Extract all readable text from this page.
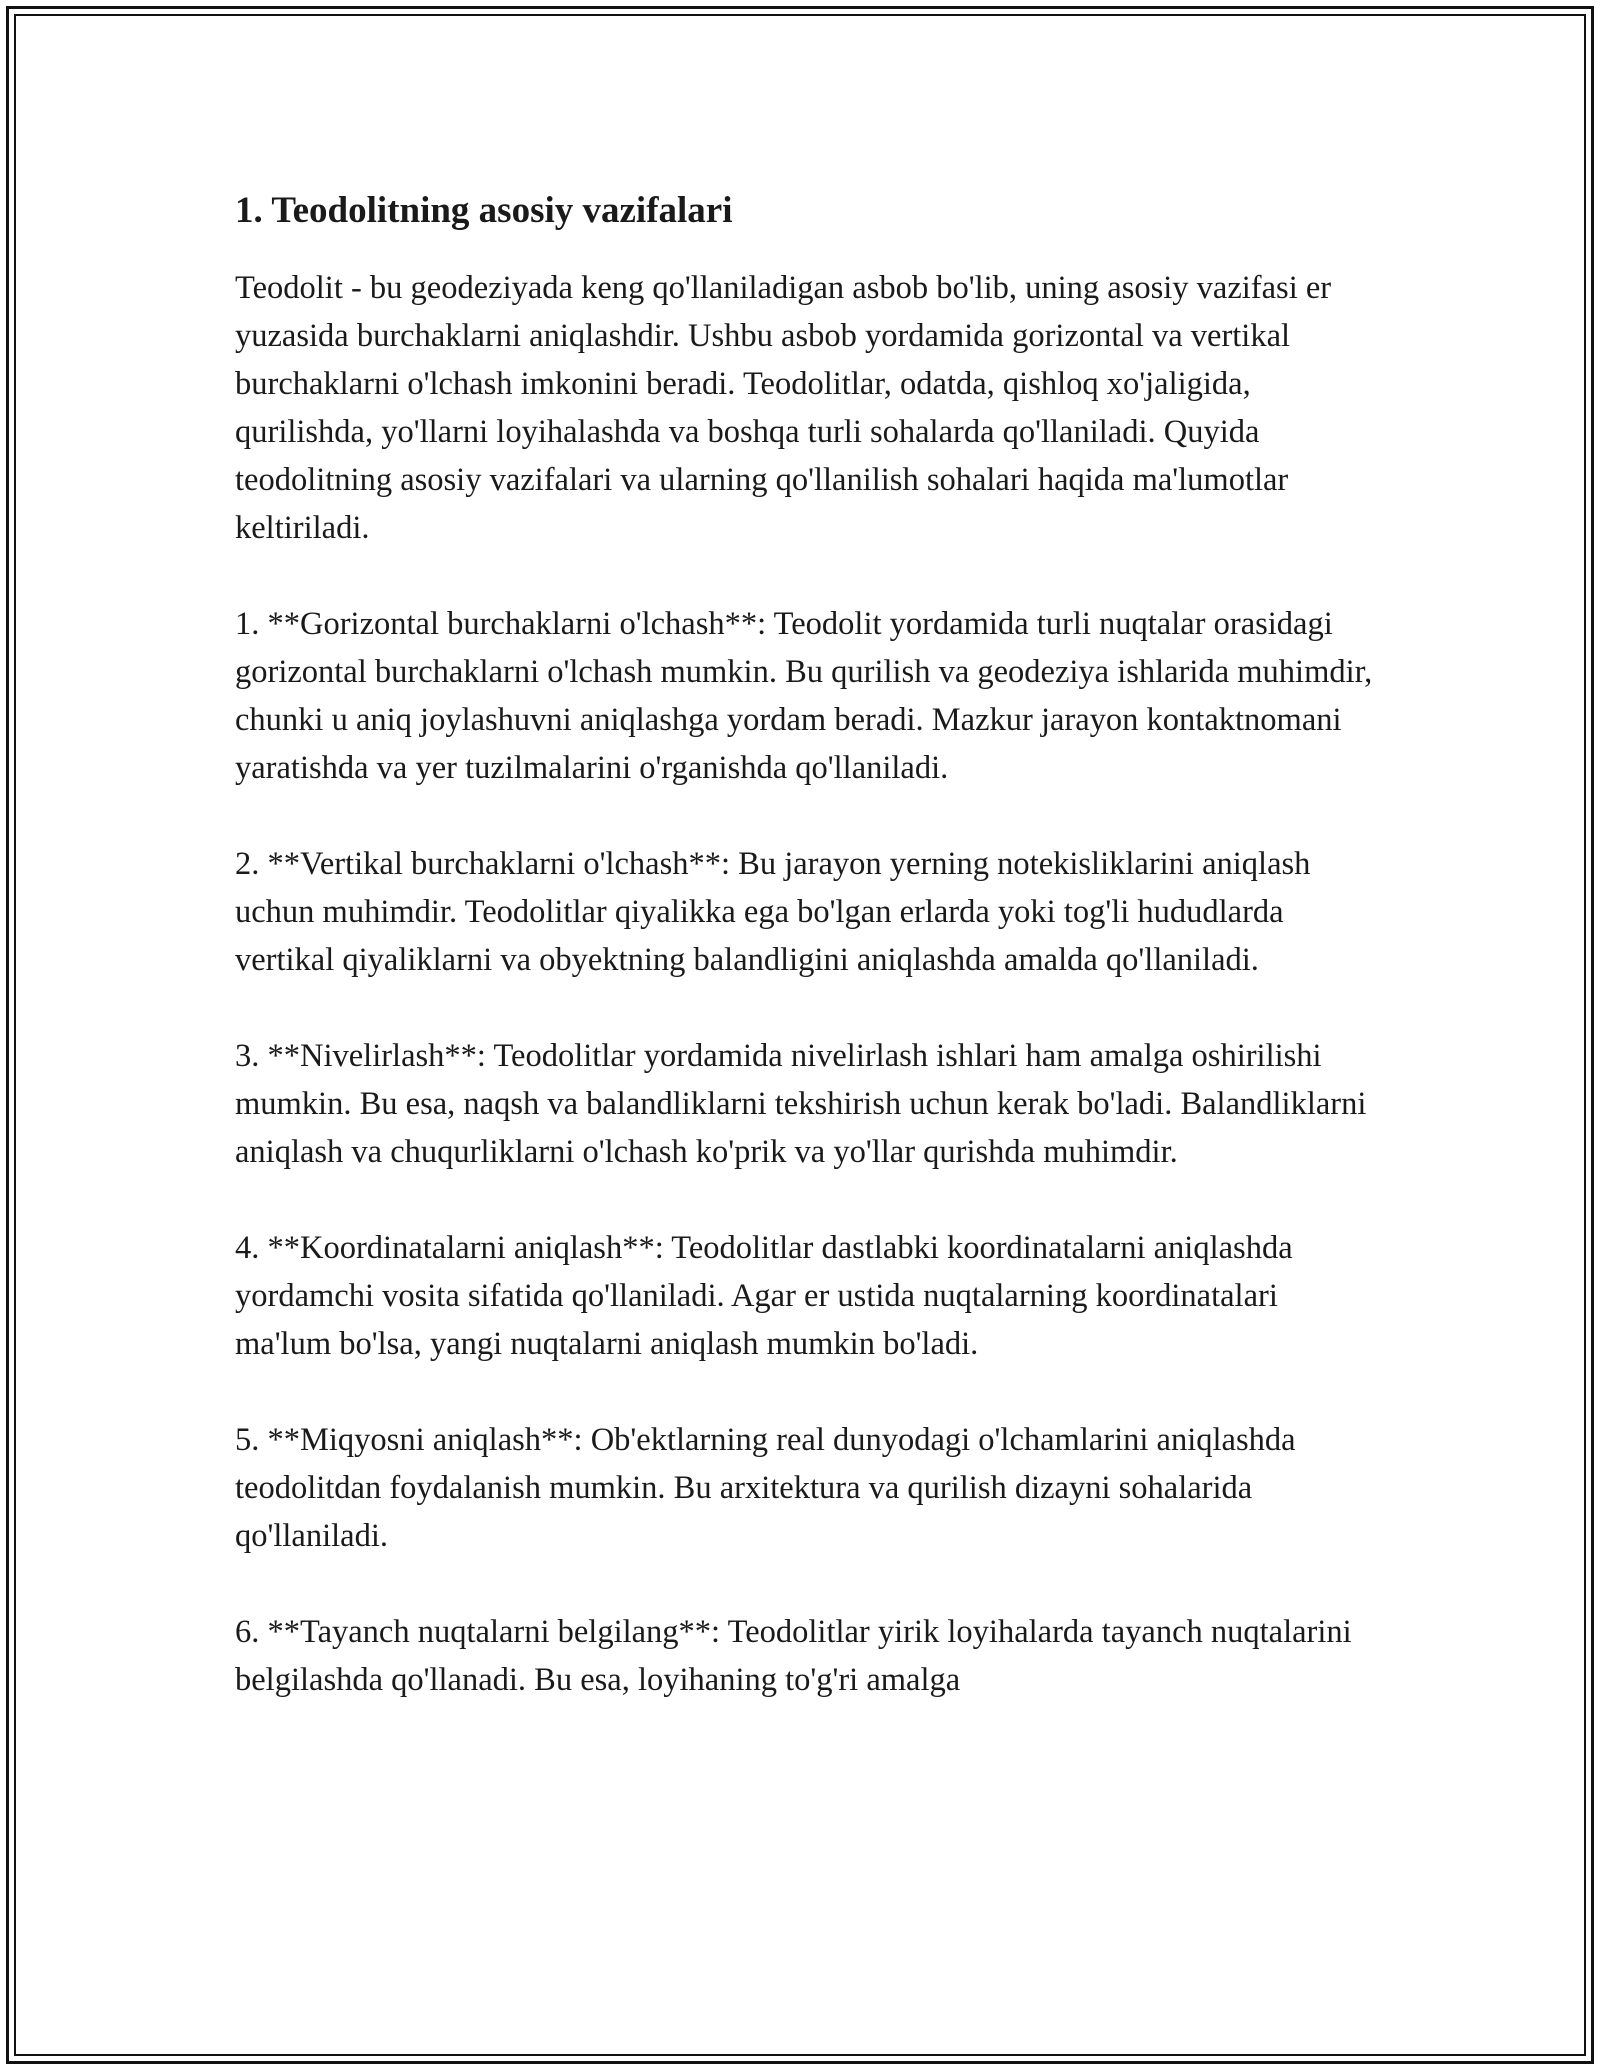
1. Teodolitning asosiy vazifalari

Teodolit - bu geodeziyada keng qo'llaniladigan asbob bo'lib, uning asosiy vazifasi er yuzasida burchaklarni aniqlashdir. Ushbu asbob yordamida gorizontal va vertikal burchaklarni o'lchash imkonini beradi. Teodolitlar, odatda, qishloq xo'jaligida, qurilishda, yo'llarni loyihalashda va boshqa turli sohalarda qo'llaniladi. Quyida teodolitning asosiy vazifalari va ularning qo'llanilish sohalari haqida ma'lumotlar keltiriladi.

1. **Gorizontal burchaklarni o'lchash**: Teodolit yordamida turli nuqtalar orasidagi gorizontal burchaklarni o'lchash mumkin. Bu qurilish va geodeziya ishlarida muhimdir, chunki u aniq joylashuvni aniqlashga yordam beradi. Mazkur jarayon kontaktnomani yaratishda va yer tuzilmalarini o'rganishda qo'llaniladi.

2. **Vertikal burchaklarni o'lchash**: Bu jarayon yerning notekisliklarini aniqlash uchun muhimdir. Teodolitlar qiyalikka ega bo'lgan erlarda yoki tog'li hududlarda vertikal qiyaliklarni va obyektning balandligini aniqlashda amalda qo'llaniladi.

3. **Nivelirlash**: Teodolitlar yordamida nivelirlash ishlari ham amalga oshirilishi mumkin. Bu esa, naqsh va balandliklarni tekshirish uchun kerak bo'ladi. Balandliklarni aniqlash va chuqurliklarni o'lchash ko'prik va yo'llar qurishda muhimdir.

4. **Koordinatalarni aniqlash**: Teodolitlar dastlabki koordinatalarni aniqlashda yordamchi vosita sifatida qo'llaniladi. Agar er ustida nuqtalarning koordinatalari ma'lum bo'lsa, yangi nuqtalarni aniqlash mumkin bo'ladi.

5. **Miqyosni aniqlash**: Ob'ektlarning real dunyodagi o'lchamlarini aniqlashda teodolitdan foydalanish mumkin. Bu arxitektura va qurilish dizayni sohalarida qo'llaniladi.

6. **Tayanch nuqtalarni belgilang**: Teodolitlar yirik loyihalarda tayanch nuqtalarini belgilashda qo'llanadi. Bu esa, loyihaning to'g'ri amalga
